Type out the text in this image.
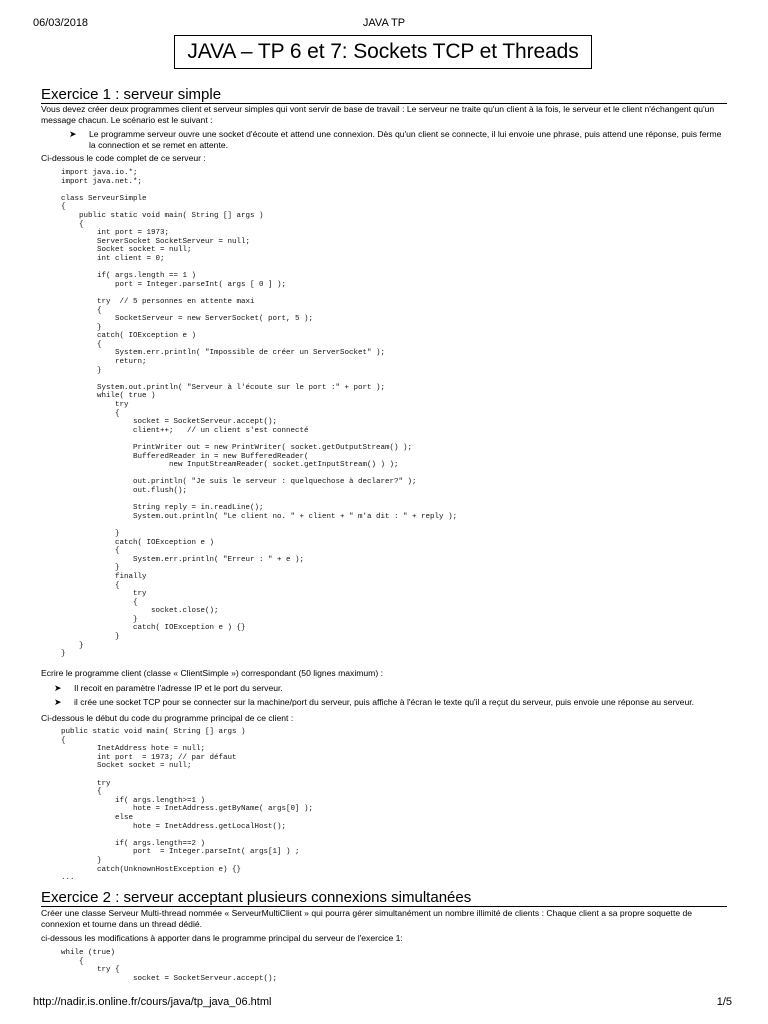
06/03/2018	JAVA TP
JAVA – TP 6 et 7: Sockets TCP et Threads
Exercice 1 : serveur simple
Vous devez créer deux programmes client et serveur simples qui vont servir de base de travail : Le serveur ne traite qu'un client à la fois, le serveur et le client n'échangent qu'un message chacun. Le scénario est le suivant :
➤ Le programme serveur ouvre une socket d'écoute et attend une connexion. Dès qu'un client se connecte, il lui envoie une phrase, puis attend une réponse, puis ferme la connection et se remet en attente.
Ci-dessous le code complet de ce serveur :
import java.io.*;
import java.net.*;

class ServeurSimple
{
public static void main( String [] args )
{
int port = 1973;
ServerSocket SocketServeur = null;
Socket socket = null;
int client = 0;

if( args.length == 1 )
port = Integer.parseInt( args [ 0 ] );

try  // 5 personnes en attente maxi
{
SocketServeur = new ServerSocket( port, 5 );
}
catch( IOException e )
{
System.err.println( "Impossible de créer un ServerSocket" );
return;
}

System.out.println( "Serveur à l'écoute sur le port :" + port );
while( true )
try
{
socket = SocketServeur.accept();
client++;   // un client s'est connecté

PrintWriter out = new PrintWriter( socket.getOutputStream() );
BufferedReader in = new BufferedReader(
new InputStreamReader( socket.getInputStream() ) );

out.println( "Je suis le serveur : quelquechose à declarer?" );
out.flush();

String reply = in.readLine();
System.out.println( "Le client no. " + client + " m'a dit : " + reply );

}
catch( IOException e )
{
System.err.println( "Erreur : " + e );
}
finally
{
try
{
socket.close();
}
catch( IOException e ) {}
}
}
}
Ecrire le programme client (classe « ClientSimple ») correspondant (50 lignes maximum) :
➤ Il recoit en paramètre l'adresse IP et le port du serveur.
➤ il crée une socket TCP pour se connecter sur la machine/port du serveur, puis affiche à l'écran le texte qu'il a reçut du serveur, puis envoie une réponse au serveur.
Ci-dessous le début du code du programme principal de ce client :
public static void main( String [] args )
{
InetAddress hote = null;
int port  = 1973; // par défaut
Socket socket = null;

try
{
if( args.length>=1 )
hote = InetAddress.getByName( args[0] );
else
hote = InetAddress.getLocalHost();

if( args.length==2 )
port  = Integer.parseInt( args[1] ) ;
}
catch(UnknownHostException e) {}
...
Exercice 2 : serveur acceptant plusieurs connexions simultanées
Créer une classe Serveur Multi-thread nommée « ServeurMultiClient » qui pourra gérer simultanément un nombre illimité de clients : Chaque client a sa propre soquette de connexion et tourne dans un thread dédié.
ci-dessous les modifications à apporter dans le programme principal du serveur de l'exercice 1:
while (true)
{
try {
socket = SocketServeur.accept();
http://nadir.is.online.fr/cours/java/tp_java_06.html	1/5
